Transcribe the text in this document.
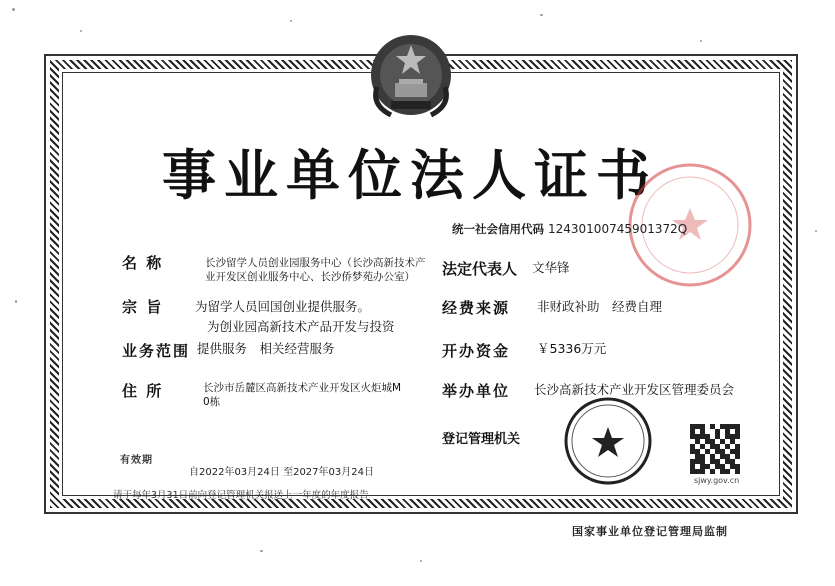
事业单位法人证书
统一社会信用代码 12430100745901372Q
名 称	长沙留学人员创业园服务中心（长沙高新技术产
业开发区创业服务中心、长沙侨梦苑办公室）
宗 旨	为留学人员回国创业提供服务。
为创业园高新技术产品开发与投资
业务范围 提供服务　相关经营服务
住 所	长沙市岳麓区高新技术产业开发区火炬城M
0栋
法定代表人 文华锋
经费来源 非财政补助　经费自理
开办资金 ￥5336万元
举办单位 长沙高新技术产业开发区管理委员会
登记管理机关
sjwy.gov.cn
有效期
自2022年03月24日 至2027年03月24日
请于每年3月31日前向登记管理机关报送上一年度的年度报告
国家事业单位登记管理局监制
